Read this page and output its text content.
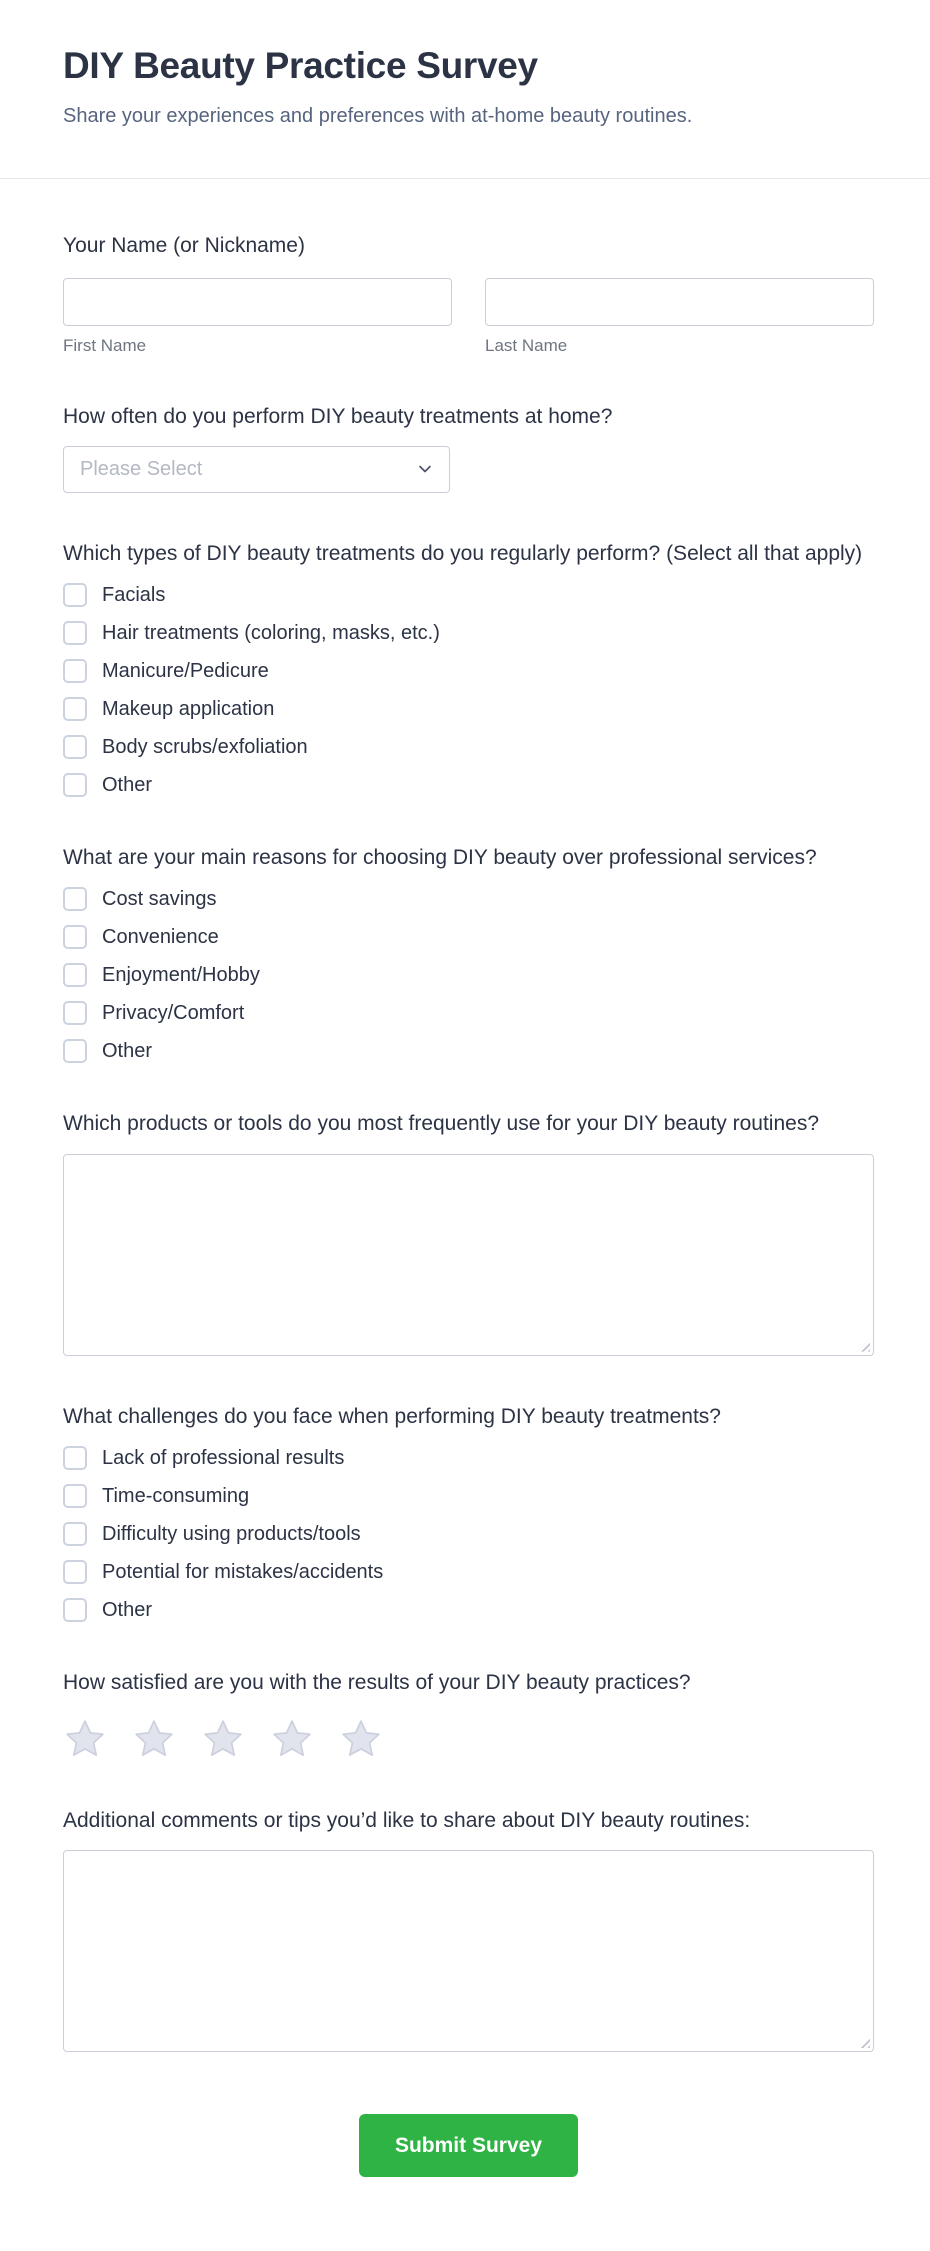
DIY Beauty Practice Survey

Share your experiences and preferences with at-home beauty routines.

Your Name (or Nickname)
First Name	Last Name
How often do you perform DIY beauty treatments at home?
Please Select
Which types of DIY beauty treatments do you regularly perform? (Select all that apply)
Facials
Hair treatments (coloring, masks, etc.)
Manicure/Pedicure
Makeup application
Body scrubs/exfoliation
Other
What are your main reasons for choosing DIY beauty over professional services?
Cost savings
Convenience
Enjoyment/Hobby
Privacy/Comfort
Other
Which products or tools do you most frequently use for your DIY beauty routines?
What challenges do you face when performing DIY beauty treatments?
Lack of professional results
Time-consuming
Difficulty using products/tools
Potential for mistakes/accidents
Other
How satisfied are you with the results of your DIY beauty practices?
Additional comments or tips you’d like to share about DIY beauty routines:
Submit Survey
